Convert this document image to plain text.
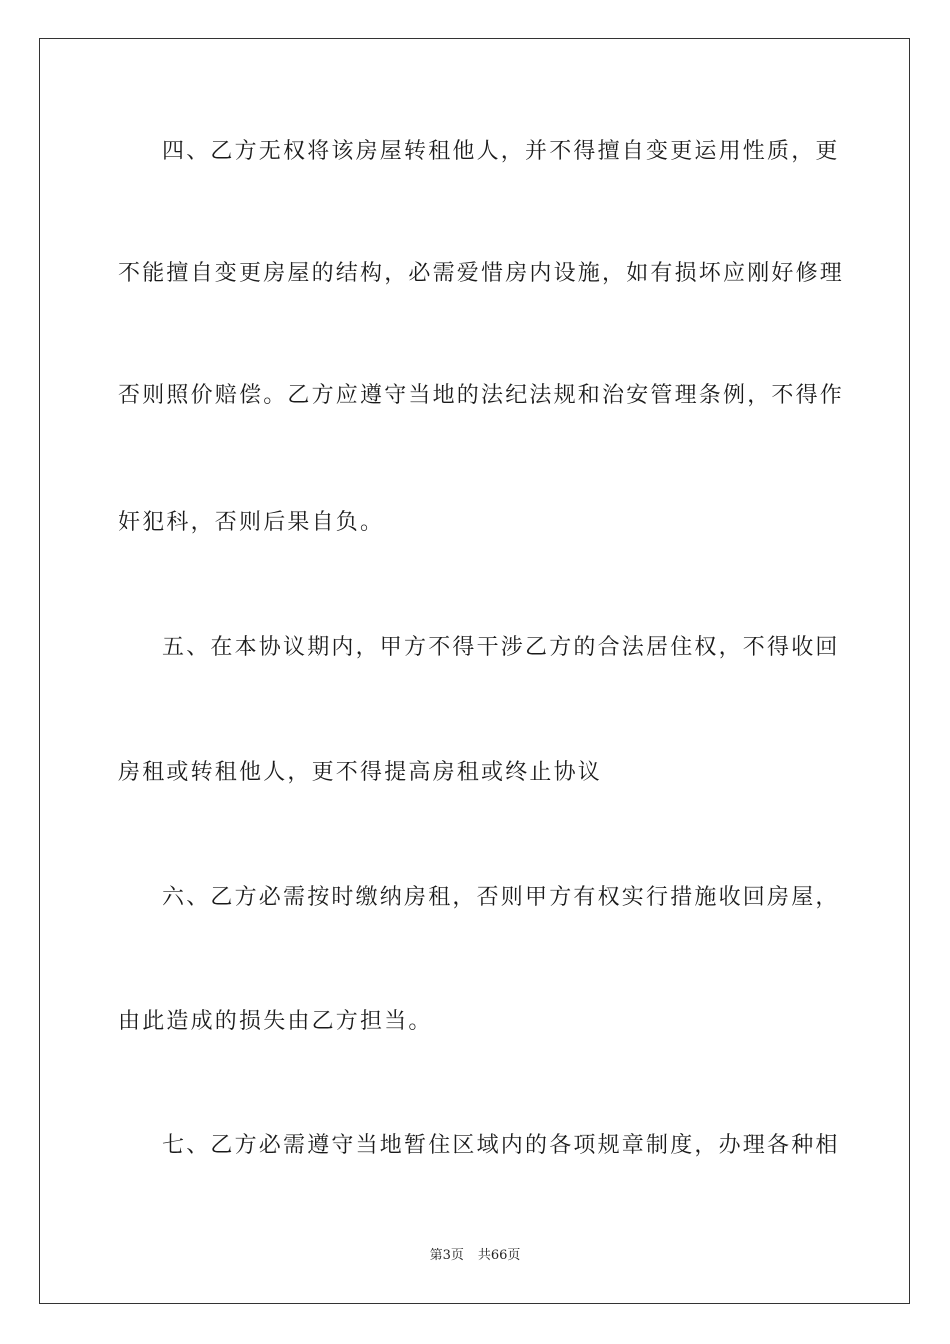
四、乙方无权将该房屋转租他人，并不得擅自变更运用性质，更
不能擅自变更房屋的结构，必需爱惜房内设施，如有损坏应刚好修理
否则照价赔偿。乙方应遵守当地的法纪法规和治安管理条例，不得作
奸犯科，否则后果自负。
五、在本协议期内，甲方不得干涉乙方的合法居住权，不得收回
房租或转租他人，更不得提高房租或终止协议
六、乙方必需按时缴纳房租，否则甲方有权实行措施收回房屋，
由此造成的损失由乙方担当。
七、乙方必需遵守当地暂住区域内的各项规章制度，办理各种相
第3页 共66页
